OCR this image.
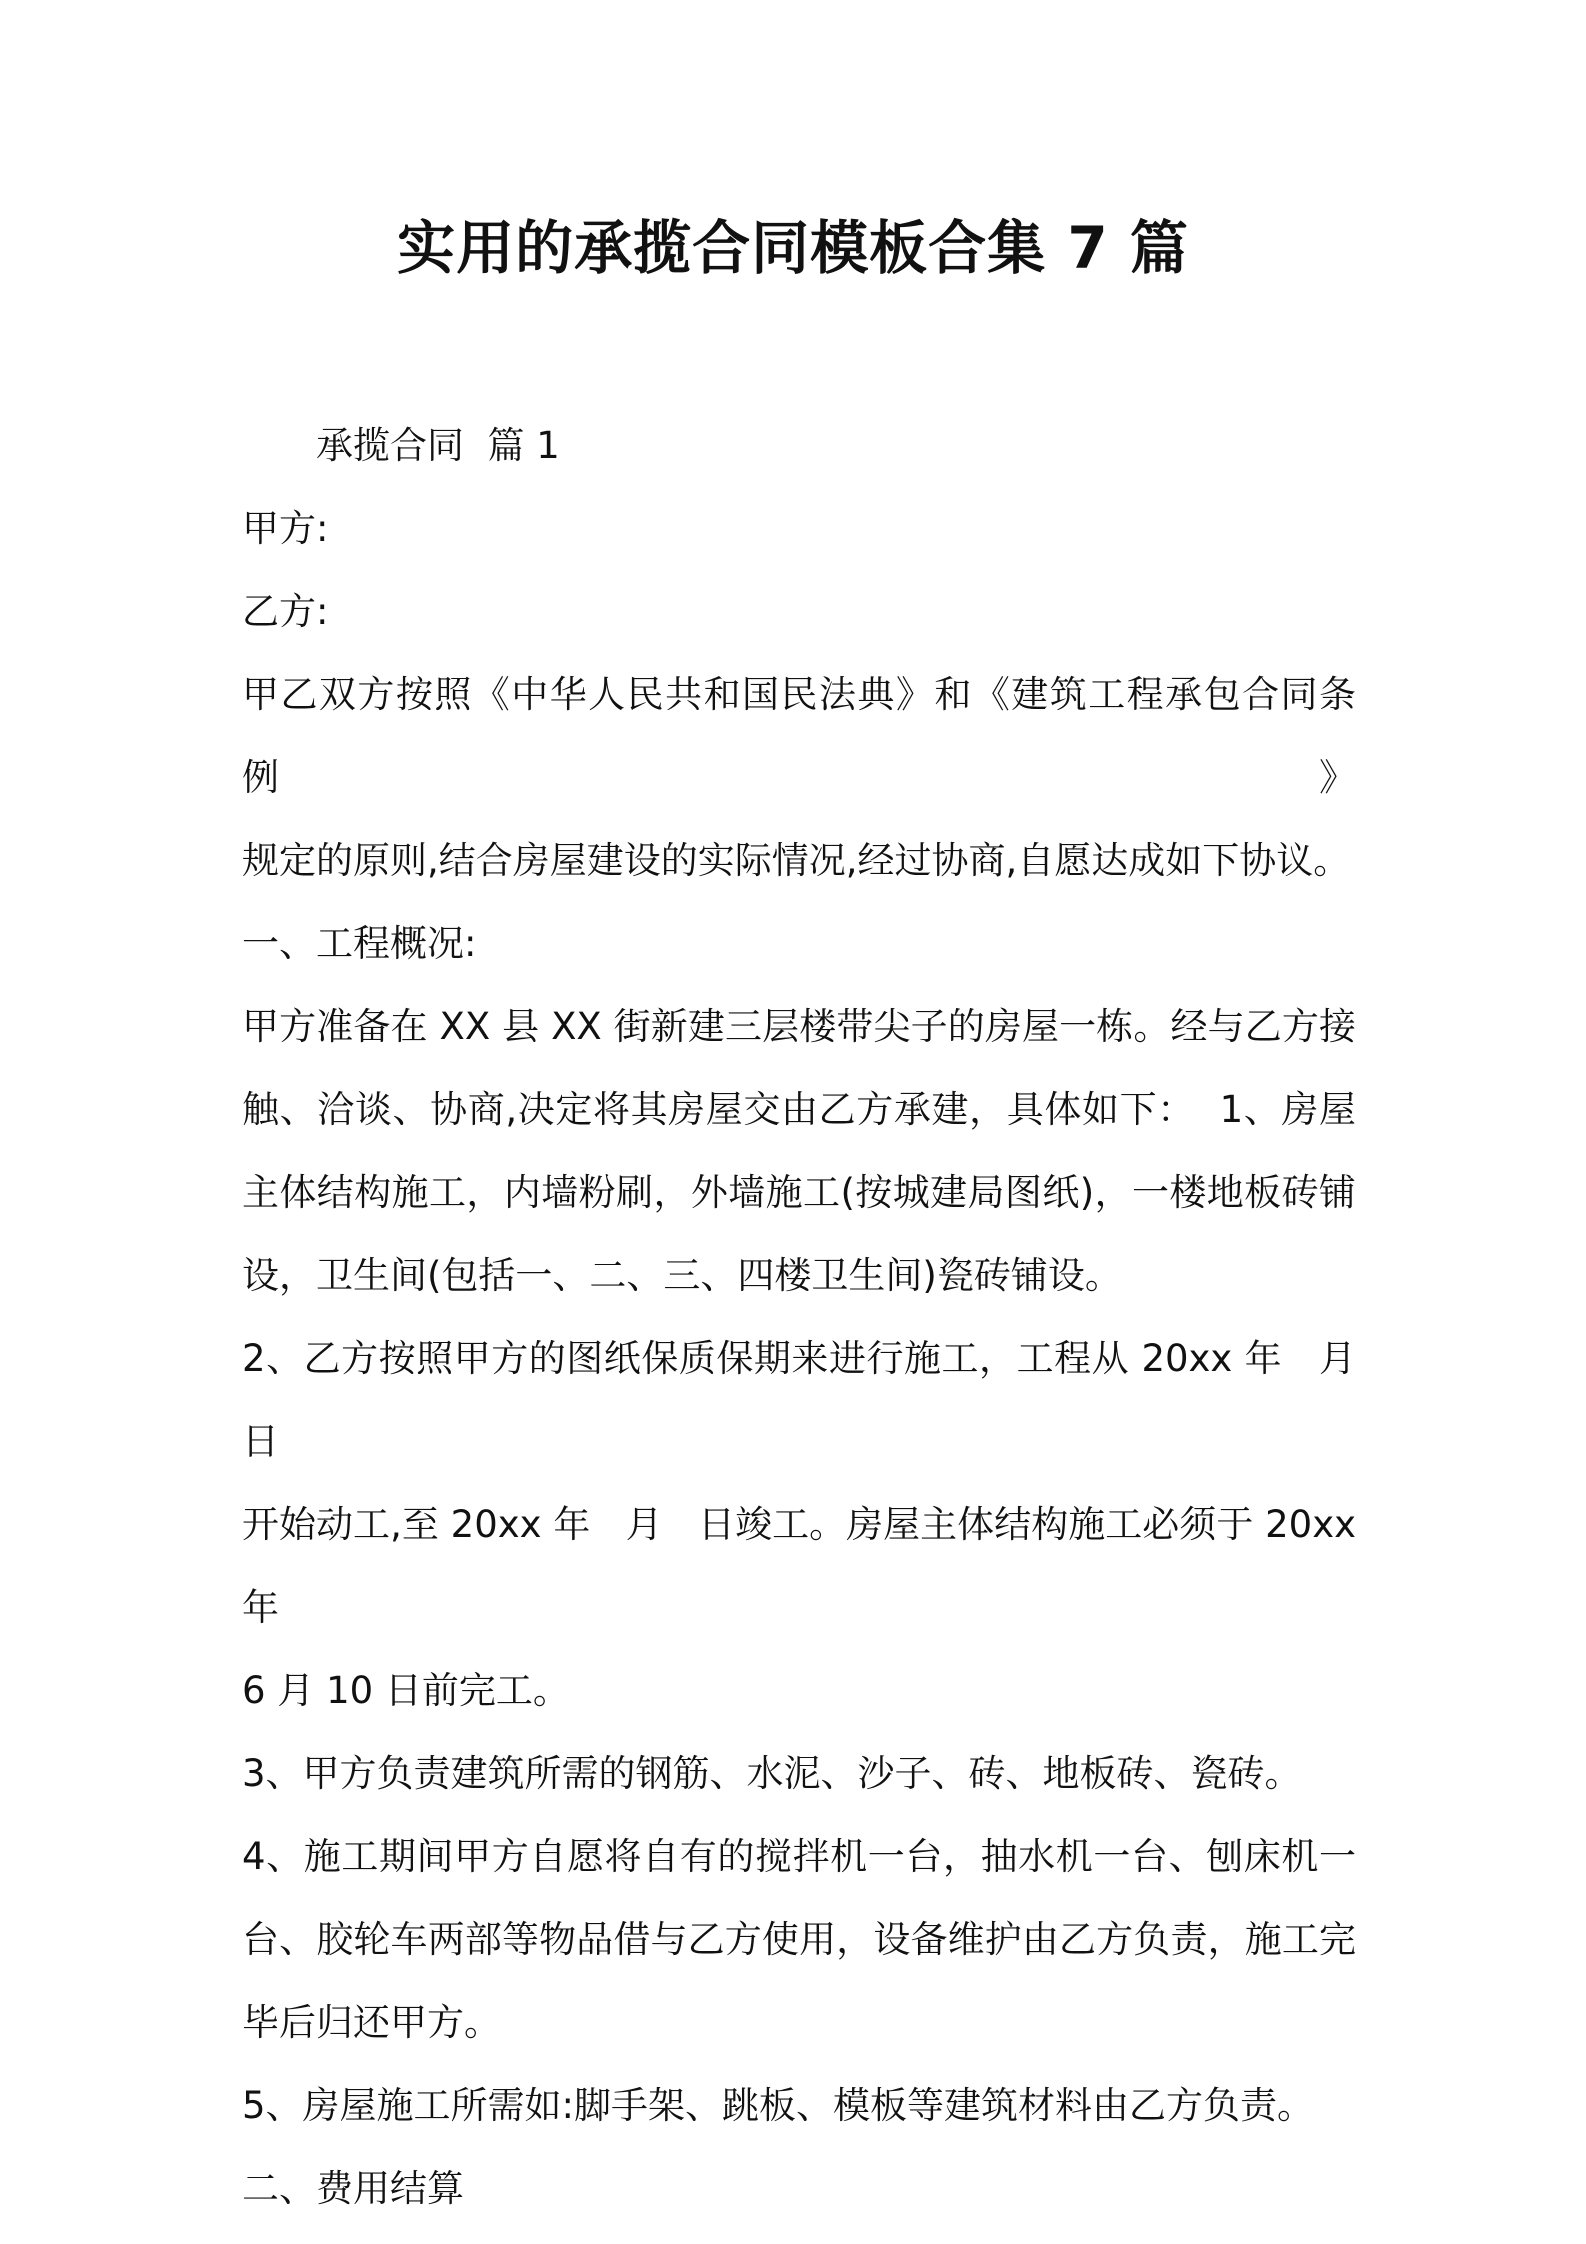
实用的承揽合同模板合集 7 篇

承揽合同  篇 1

甲方:

乙方:

甲乙双方按照《中华人民共和国民法典》和《建筑工程承包合同条例》

规定的原则,结合房屋建设的实际情况,经过协商,自愿达成如下协议。

一、工程概况:

甲方准备在 XX 县 XX 街新建三层楼带尖子的房屋一栋。经与乙方接

触、洽谈、协商,决定将其房屋交由乙方承建，具体如下：  1、房屋

主体结构施工，内墙粉刷，外墙施工(按城建局图纸)，一楼地板砖铺

设，卫生间(包括一、二、三、四楼卫生间)瓷砖铺设。

2、乙方按照甲方的图纸保质保期来进行施工，工程从 20xx 年   月   日

开始动工,至 20xx 年   月   日竣工。房屋主体结构施工必须于 20xx 年

6 月 10 日前完工。

3、甲方负责建筑所需的钢筋、水泥、沙子、砖、地板砖、瓷砖。

4、施工期间甲方自愿将自有的搅拌机一台，抽水机一台、刨床机一

台、胶轮车两部等物品借与乙方使用，设备维护由乙方负责，施工完

毕后归还甲方。

5、房屋施工所需如:脚手架、跳板、模板等建筑材料由乙方负责。

二、费用结算
